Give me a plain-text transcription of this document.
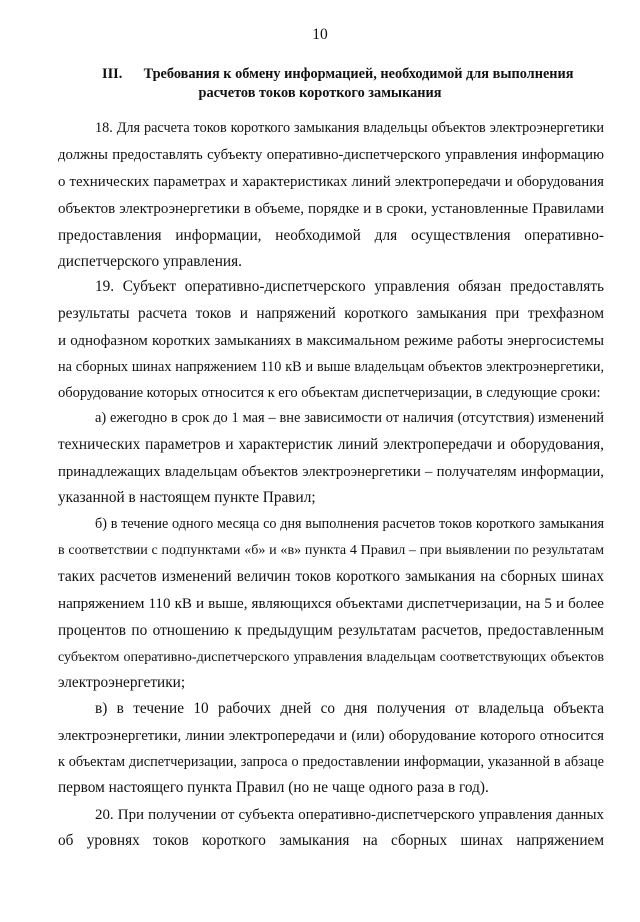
10
III. Требования к обмену информацией, необходимой для выполнения
расчетов токов короткого замыкания
18. Для расчета токов короткого замыкания владельцы объектов электроэнергетики
должны предоставлять субъекту оперативно-диспетчерского управления информацию
о технических параметрах и характеристиках линий электропередачи и оборудования
объектов электроэнергетики в объеме, порядке и в сроки, установленные Правилами
предоставления информации, необходимой для осуществления оперативно-
диспетчерского управления.
19. Субъект оперативно-диспетчерского управления обязан предоставлять
результаты расчета токов и напряжений короткого замыкания при трехфазном
и однофазном коротких замыканиях в максимальном режиме работы энергосистемы
на сборных шинах напряжением 110 кВ и выше владельцам объектов электроэнергетики,
оборудование которых относится к его объектам диспетчеризации, в следующие сроки:
а) ежегодно в срок до 1 мая – вне зависимости от наличия (отсутствия) изменений
технических параметров и характеристик линий электропередачи и оборудования,
принадлежащих владельцам объектов электроэнергетики – получателям информации,
указанной в настоящем пункте Правил;
б) в течение одного месяца со дня выполнения расчетов токов короткого замыкания
в соответствии с подпунктами «б» и «в» пункта 4 Правил – при выявлении по результатам
таких расчетов изменений величин токов короткого замыкания на сборных шинах
напряжением 110 кВ и выше, являющихся объектами диспетчеризации, на 5 и более
процентов по отношению к предыдущим результатам расчетов, предоставленным
субъектом оперативно-диспетчерского управления владельцам соответствующих объектов
электроэнергетики;
в) в течение 10 рабочих дней со дня получения от владельца объекта
электроэнергетики, линии электропередачи и (или) оборудование которого относится
к объектам диспетчеризации, запроса о предоставлении информации, указанной в абзаце
первом настоящего пункта Правил (но не чаще одного раза в год).
20. При получении от субъекта оперативно-диспетчерского управления данных
об уровнях токов короткого замыкания на сборных шинах напряжением
